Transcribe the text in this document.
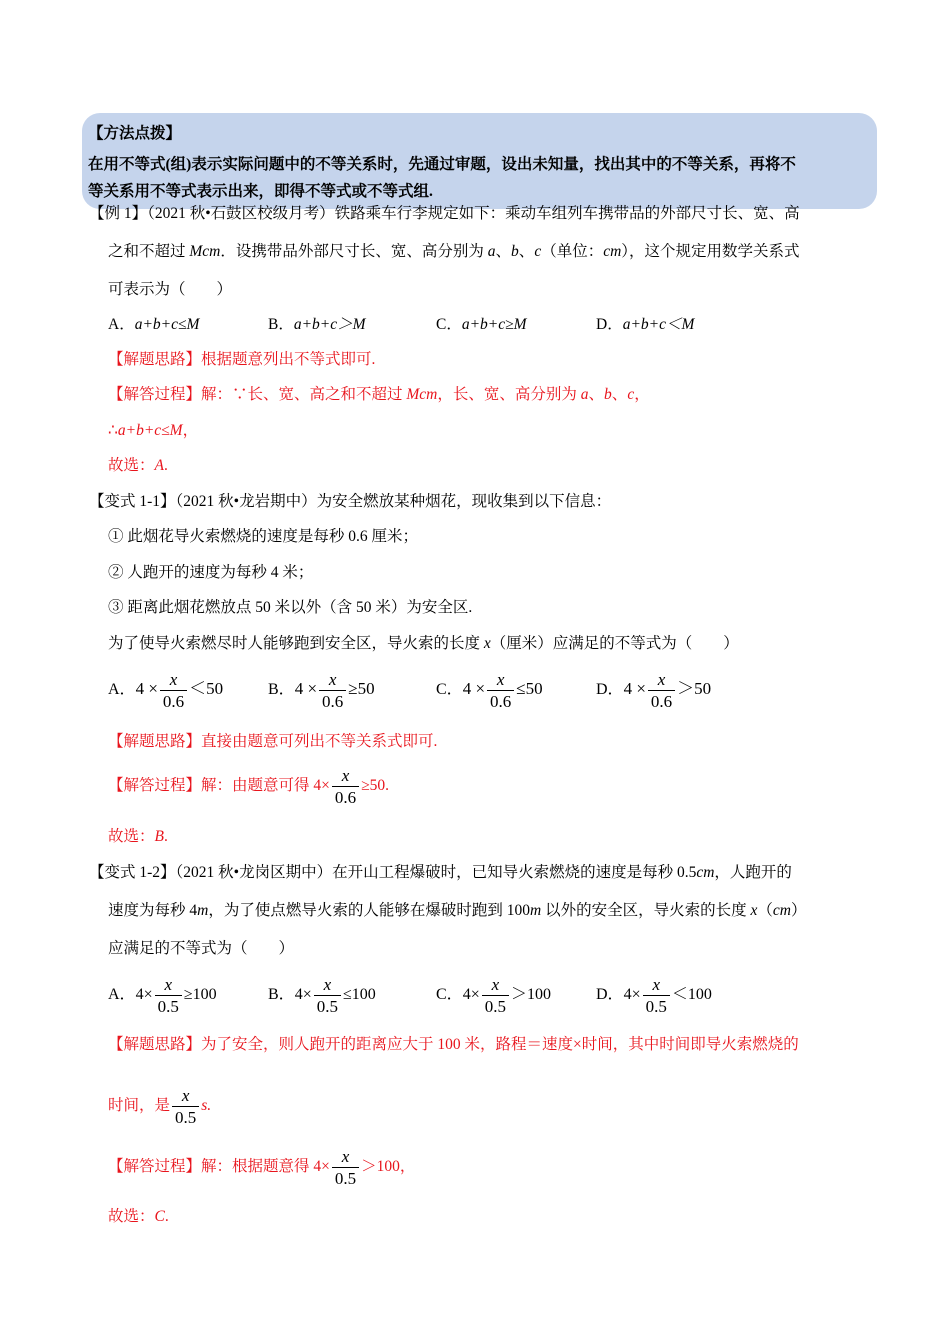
【方法点拨】
在用不等式(组)表示实际问题中的不等关系时，先通过审题，设出未知量，找出其中的不等关系，再将不
等关系用不等式表示出来，即得不等式或不等式组.
【例 1】（2021 秋•石鼓区校级月考）铁路乘车行李规定如下：乘动车组列车携带品的外部尺寸长、宽、高
之和不超过 Mcm．设携带品外部尺寸长、宽、高分别为 a、b、c（单位：cm），这个规定用数学关系式
可表示为（　　）
A．a+b+c≤M	B．a+b+c＞M	C．a+b+c≥M	D．a+b+c＜M
【解题思路】根据题意列出不等式即可.
【解答过程】解：∵长、宽、高之和不超过 Mcm，长、宽、高分别为 a、b、c，
∴a+b+c≤M，
故选：A.
【变式 1-1】（2021 秋•龙岩期中）为安全燃放某种烟花，现收集到以下信息：
① 此烟花导火索燃烧的速度是每秒 0.6 厘米；
② 人跑开的速度为每秒 4 米；
③ 距离此烟花燃放点 50 米以外（含 50 米）为安全区.
为了使导火索燃尽时人能够跑到安全区，导火索的长度 x（厘米）应满足的不等式为（　　）
A．$4 \times \frac{x}{0.6} <50$	B．$4 \times \frac{x}{0.6} \ge 50$	C．$4 \times \frac{x}{0.6} \le 50$	D．$4 \times \frac{x}{0.6} >50$
【解题思路】直接由题意可列出不等关系式即可.
【解答过程】解：由题意可得 $4\times \frac{x}{0.6} \ge 50$.
故选：B.
【变式 1-2】（2021 秋•龙岗区期中）在开山工程爆破时，已知导火索燃烧的速度是每秒 0.5cm，人跑开的
速度为每秒 4m，为了使点燃导火索的人能够在爆破时跑到 100m 以外的安全区，导火索的长度 x（cm）
应满足的不等式为（　　）
A．$4\times \frac{x}{0.5} \ge 100$	B．$4\times \frac{x}{0.5} \le 100$	C．$4\times \frac{x}{0.5} >100$	D．$4\times \frac{x}{0.5} <100$
【解题思路】为了安全，则人跑开的距离应大于 100 米，路程＝速度×时间，其中时间即导火索燃烧的
时间，是 $\frac{x}{0.5} s$.
【解答过程】解：根据题意得 $4\times \frac{x}{0.5} >100$，
故选：C.
